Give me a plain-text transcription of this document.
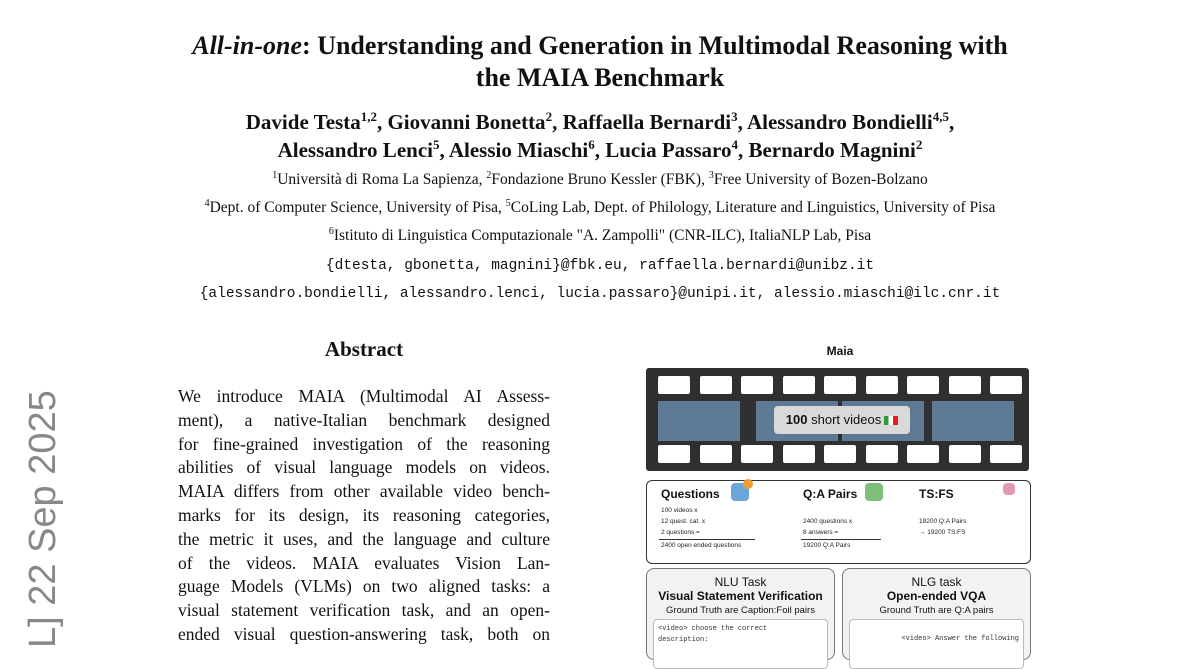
All-in-one: Understanding and Generation in Multimodal Reasoning with
the MAIA Benchmark
Davide Testa$^{1,2}$, Giovanni Bonetta$^2$, Raffaella Bernardi$^3$, Alessandro Bondielli$^{4,5}$,
Alessandro Lenci$^5$, Alessio Miaschi$^6$, Lucia Passaro$^4$, Bernardo Magnini$^2$
$^1$Università di Roma La Sapienza, $^2$Fondazione Bruno Kessler (FBK), $^3$Free University of Bozen-Bolzano
$^4$Dept. of Computer Science, University of Pisa, $^5$CoLing Lab, Dept. of Philology, Literature and Linguistics, University of Pisa
$^6$Istituto di Linguistica Computazionale "A. Zampolli" (CNR-ILC), ItaliaNLP Lab, Pisa
{dtesta, gbonetta, magnini}@fbk.eu, raffaella.bernardi@unibz.it
{alessandro.bondielli, alessandro.lenci, lucia.passaro}@unipi.it, alessio.miaschi@ilc.cnr.it
L] 22 Sep 2025
Abstract
We introduce MAIA (Multimodal AI Assess-
ment), a native-Italian benchmark designed
for fine-grained investigation of the reasoning
abilities of visual language models on videos.
MAIA differs from other available video bench-
marks for its design, its reasoning categories,
the metric it uses, and the language and culture
of the videos. MAIA evaluates Vision Lan-
guage Models (VLMs) on two aligned tasks: a
visual statement verification task, and an open-
ended visual question-answering task, both on
Maia
100 short videos
Questions
100 videos x
12 quest. cat. x
2 questions =
2400 open ended questions
Q:A Pairs
2400 questions x
8 answers =
19200 Q:A Pairs
TS:FS
19200 Q:A Pairs
→ 19200 TS:FS
NLU Task
Visual Statement Verification
Ground Truth are Caption:Foil pairs
<video> choose the correct
description:
NLG task
Open-ended VQA
Ground Truth are Q:A pairs
<video> Answer the following
